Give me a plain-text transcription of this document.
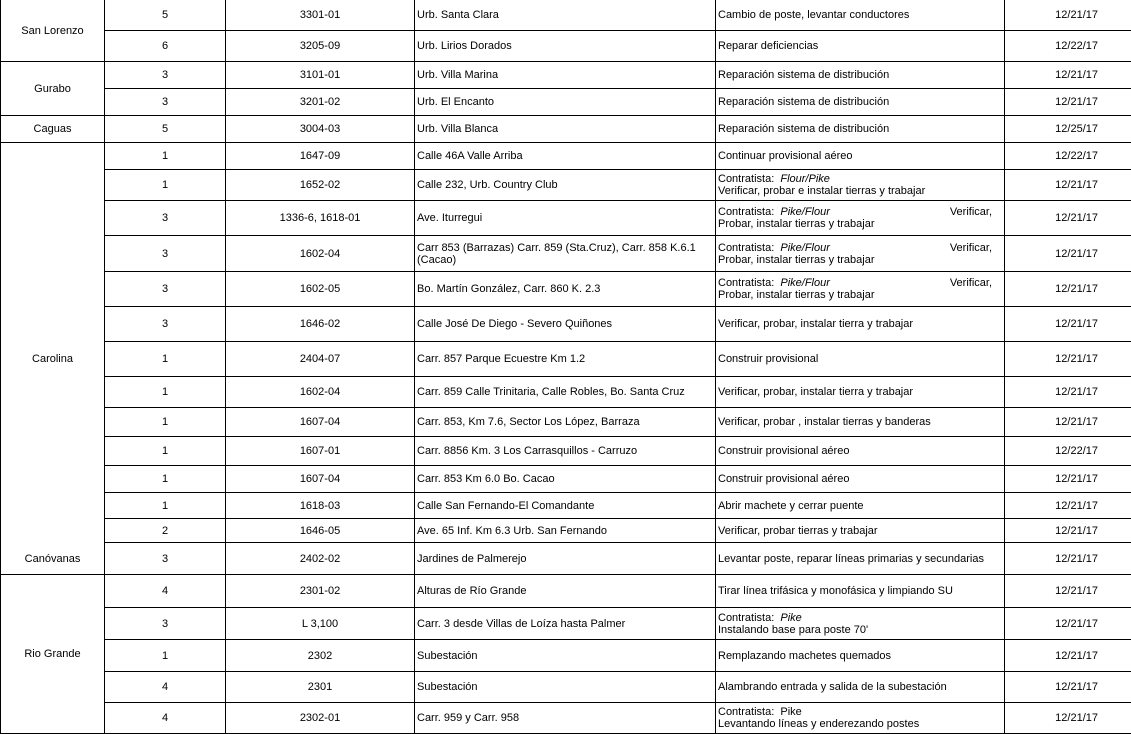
San Lorenzo
5	3301-01	Urb. Santa Clara	Cambio de poste, levantar conductores	12/21/17
6	3205-09	Urb. Lirios Dorados	Reparar deficiencias	12/22/17
Gurabo
3	3101-01	Urb. Villa Marina	Reparación sistema de distribución	12/21/17
3	3201-02	Urb. El Encanto	Reparación sistema de distribución	12/21/17
Caguas	5	3004-03	Urb. Villa Blanca	Reparación sistema de distribución	12/25/17
Carolina
1	1647-09	Calle 46A Valle Arriba	Continuar provisional aéreo	12/22/17
1	1652-02	Calle 232, Urb. Country Club	Contratista:
Flour/Pike
Verificar, probar e instalar tierras y trabajar	12/21/17
3	1336-6, 1618-01	Ave. Iturregui	Contratista:
Pike/Flour	Verificar,
Probar, instalar tierras y trabajar	12/21/17
3	1602-04	Carr 853 (Barrazas) Carr. 859 (Sta.Cruz), Carr. 858 K.6.1 (Cacao)
Contratista:
Pike/Flour	Verificar,
Probar, instalar tierras y trabajar	12/21/17
3	1602-05	Bo. Martín González, Carr. 860 K. 2.3	Contratista:
Pike/Flour	Verificar,
Probar, instalar tierras y trabajar	12/21/17
3	1646-02	Calle José De Diego - Severo Quiñones	Verificar, probar, instalar tierra y trabajar	12/21/17
1	2404-07	Carr. 857 Parque Ecuestre Km 1.2	Construir provisional	12/21/17
1	1602-04	Carr. 859 Calle Trinitaria, Calle Robles, Bo. Santa Cruz	Verificar, probar, instalar tierra y trabajar	12/21/17
1	1607-04	Carr. 853, Km 7.6, Sector Los López, Barraza	Verificar, probar , instalar tierras y banderas	12/21/17
1	1607-01	Carr. 8856 Km. 3 Los Carrasquillos - Carruzo	Construir provisional aéreo	12/22/17
1	1607-04	Carr. 853 Km 6.0 Bo. Cacao	Construir provisional aéreo	12/21/17
1	1618-03	Calle San Fernando-El Comandante	Abrir machete y cerrar puente	12/21/17
2	1646-05	Ave. 65 Inf. Km 6.3 Urb. San Fernando	Verificar, probar tierras y trabajar	12/21/17
Canóvanas	3	2402-02	Jardines de Palmerejo	Levantar poste, reparar líneas primarias y secundarias	12/21/17
Rio Grande
4	2301-02	Alturas de Río Grande	Tirar línea trifásica y monofásica y limpiando SU	12/21/17
3	L 3,100	Carr. 3 desde Villas de Loíza hasta Palmer	Contratista:
Pike
Instalando base para poste 70'	12/21/17
1	2302	Subestación	Remplazando machetes quemados	12/21/17
4	2301	Subestación	Alambrando entrada y salida de la subestación	12/21/17
4	2302-01	Carr. 959 y Carr. 958	Contratista:
Pike
Levantando líneas y enderezando postes	12/21/17
